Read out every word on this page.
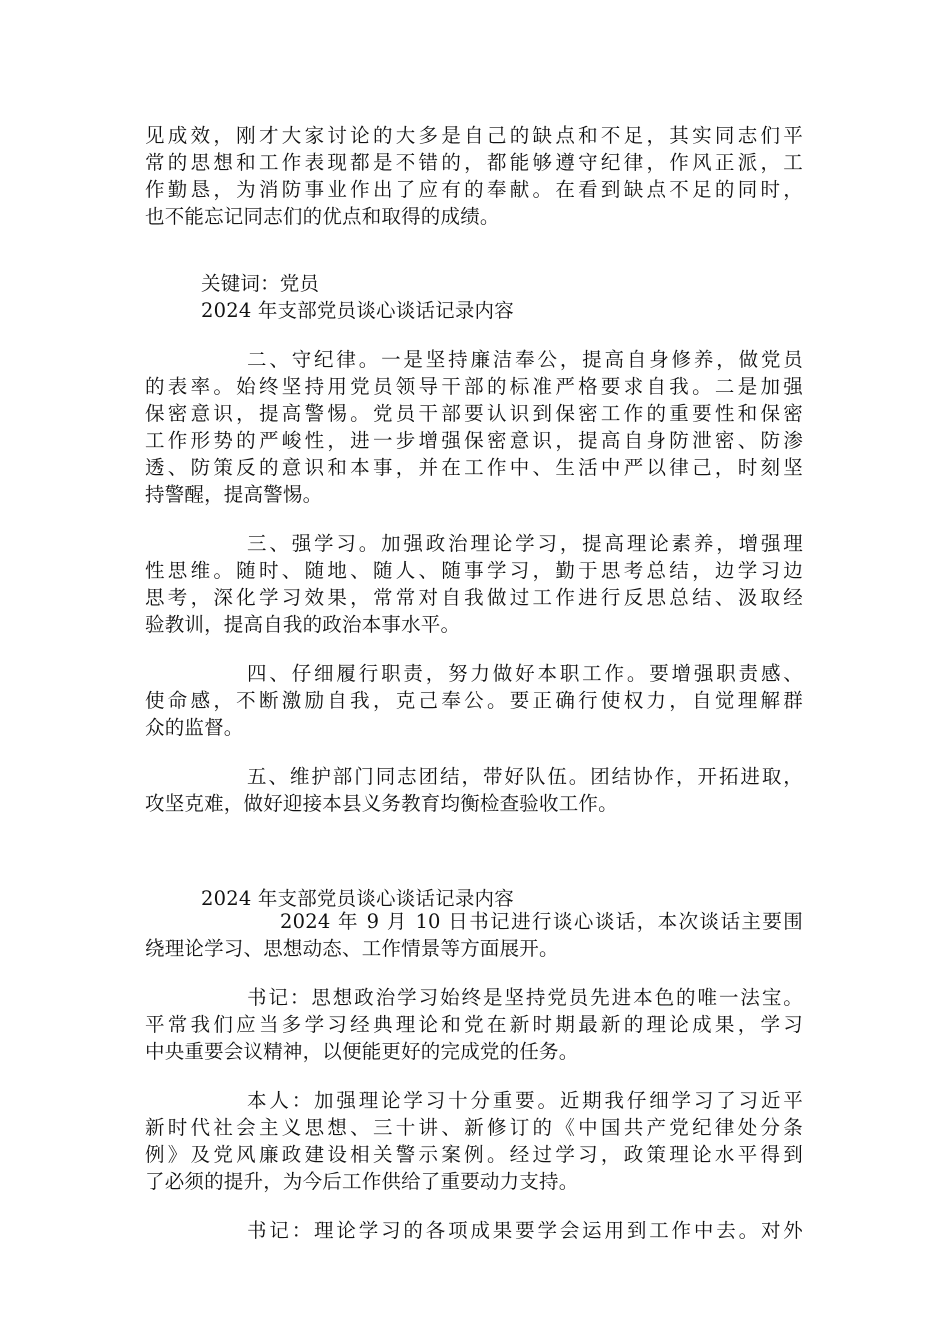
见成效，刚才大家讨论的大多是自己的缺点和不足，其实同志们平
常的思想和工作表现都是不错的，都能够遵守纪律，作风正派，工
作勤恳，为消防事业作出了应有的奉献。在看到缺点不足的同时，
也不能忘记同志们的优点和取得的成绩。
关键词：党员
2024 年支部党员谈心谈话记录内容
二、守纪律。一是坚持廉洁奉公，提高自身修养，做党员
的表率。始终坚持用党员领导干部的标准严格要求自我。二是加强
保密意识，提高警惕。党员干部要认识到保密工作的重要性和保密
工作形势的严峻性，进一步增强保密意识，提高自身防泄密、防渗
透、防策反的意识和本事，并在工作中、生活中严以律己，时刻坚
持警醒，提高警惕。
三、强学习。加强政治理论学习，提高理论素养，增强理
性思维。随时、随地、随人、随事学习，勤于思考总结，边学习边
思考，深化学习效果，常常对自我做过工作进行反思总结、汲取经
验教训，提高自我的政治本事水平。
四、仔细履行职责，努力做好本职工作。要增强职责感、
使命感，不断激励自我，克己奉公。要正确行使权力，自觉理解群
众的监督。
五、维护部门同志团结，带好队伍。团结协作，开拓进取，
攻坚克难，做好迎接本县义务教育均衡检查验收工作。
2024 年支部党员谈心谈话记录内容
2024 年 9 月 10 日书记进行谈心谈话，本次谈话主要围
绕理论学习、思想动态、工作情景等方面展开。
书记：思想政治学习始终是坚持党员先进本色的唯一法宝。
平常我们应当多学习经典理论和党在新时期最新的理论成果，学习
中央重要会议精神，以便能更好的完成党的任务。
本人：加强理论学习十分重要。近期我仔细学习了习近平
新时代社会主义思想、三十讲、新修订的《中国共产党纪律处分条
例》及党风廉政建设相关警示案例。经过学习，政策理论水平得到
了必须的提升，为今后工作供给了重要动力支持。
书记：理论学习的各项成果要学会运用到工作中去。对外
